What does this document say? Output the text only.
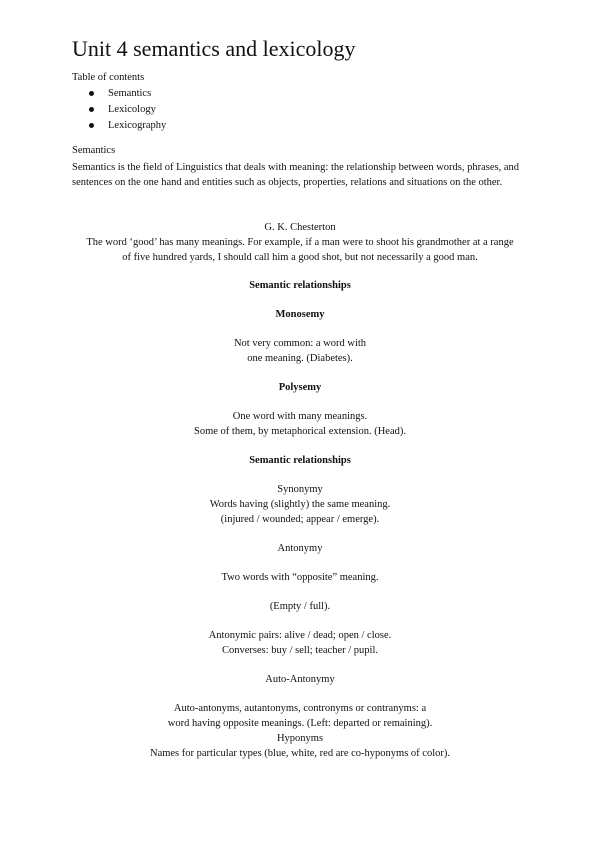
Unit 4 semantics and lexicology
Table of contents
Semantics
Lexicology
Lexicography
Semantics

Semantics is the field of Linguistics that deals with meaning: the relationship between words, phrases, and sentences on the one hand and entities such as objects, properties, relations and situations on the other.

G. K. Chesterton

The word ‘good’ has many meanings. For example, if a man were to shoot his grandmother at a range

of five hundred yards, I should call him a good shot, but not necessarily a good man.

Semantic relationships

Monosemy

Not very common: a word with

one meaning. (Diabetes).

Polysemy

One word with many meanings.

Some of them, by metaphorical extension. (Head).

Semantic relationships

Synonymy

Words having (slightly) the same meaning.

(injured / wounded; appear / emerge).

Antonymy

Two words with “opposite” meaning.

(Empty / full).

Antonymic pairs: alive / dead; open / close.

Converses: buy / sell; teacher / pupil.

Auto-Antonymy

Auto-antonyms, autantonyms, contronyms or contranyms: a

word having opposite meanings. (Left: departed or remaining).

Hyponyms

Names for particular types (blue, white, red are co-hyponyms of color).
